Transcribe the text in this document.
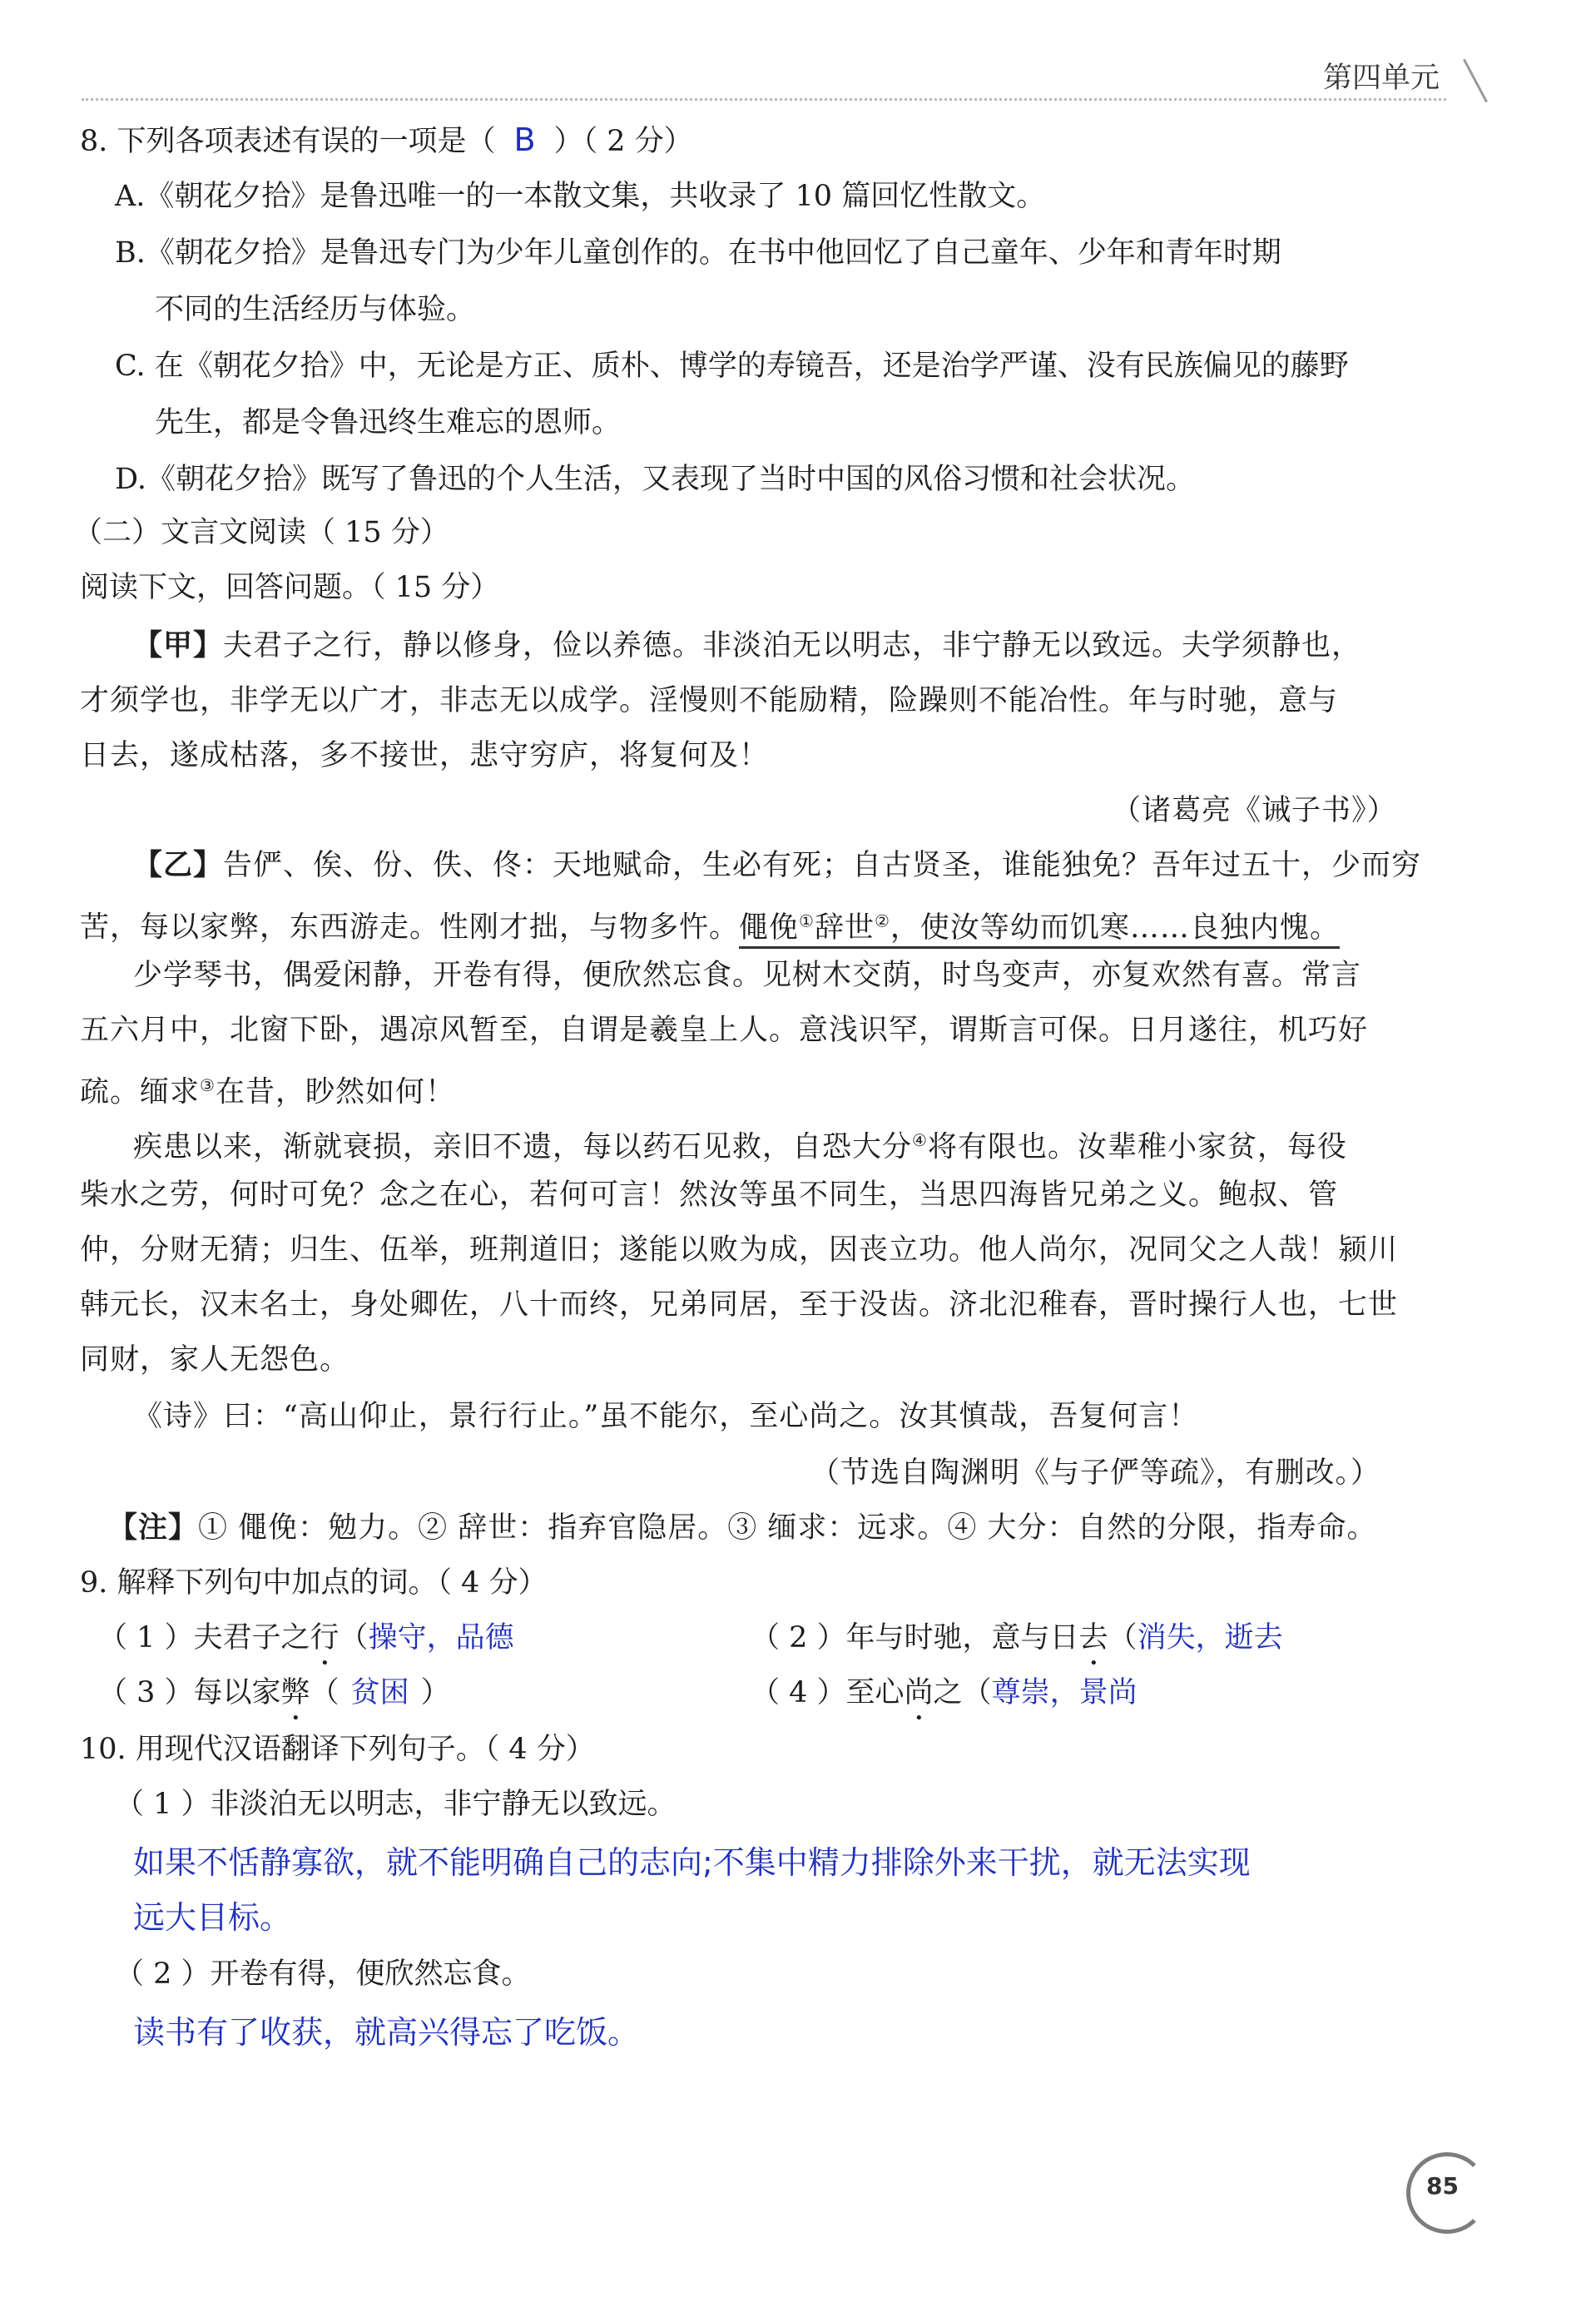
第四单元
8. 下列各项表述有误的一项是（ B ）（ 2 分）
A.《朝花夕拾》是鲁迅唯一的一本散文集，共收录了 10 篇回忆性散文。
B.《朝花夕拾》是鲁迅专门为少年儿童创作的。在书中他回忆了自己童年、少年和青年时期
不同的生活经历与体验。
C. 在《朝花夕拾》中，无论是方正、质朴、博学的寿镜吾，还是治学严谨、没有民族偏见的藤野
先生，都是令鲁迅终生难忘的恩师。
D.《朝花夕拾》既写了鲁迅的个人生活，又表现了当时中国的风俗习惯和社会状况。
（二）文言文阅读（ 15 分）
阅读下文，回答问题。（ 15 分）
【甲】夫君子之行，静以修身，俭以养德。非淡泊无以明志，非宁静无以致远。夫学须静也，
才须学也，非学无以广才，非志无以成学。淫慢则不能励精，险躁则不能冶性。年与时驰，意与
日去，遂成枯落，多不接世，悲守穷庐，将复何及！
（诸葛亮《诫子书》）
【乙】告俨、俟、份、佚、佟：天地赋命，生必有死；自古贤圣，谁能独免？吾年过五十，少而穷
苦，每以家弊，东西游走。性刚才拙，与物多忤。僶俛①辞世②，使汝等幼而饥寒……良独内愧。
少学琴书，偶爱闲静，开卷有得，便欣然忘食。见树木交荫，时鸟变声，亦复欢然有喜。常言
五六月中，北窗下卧，遇凉风暂至，自谓是羲皇上人。意浅识罕，谓斯言可保。日月遂往，机巧好
疏。缅求③在昔，眇然如何！
疾患以来，渐就衰损，亲旧不遗，每以药石见救，自恐大分④将有限也。汝辈稚小家贫，每役
柴水之劳，何时可免？念之在心，若何可言！然汝等虽不同生，当思四海皆兄弟之义。鲍叔、管
仲，分财无猜；归生、伍举，班荆道旧；遂能以败为成，因丧立功。他人尚尔，况同父之人哉！颍川
韩元长，汉末名士，身处卿佐，八十而终，兄弟同居，至于没齿。济北氾稚春，晋时操行人也，七世
同财，家人无怨色。
《诗》曰：“高山仰止，景行行止。”虽不能尔，至心尚之。汝其慎哉，吾复何言！
（节选自陶渊明《与子俨等疏》，有删改。）
【注】① 僶俛：勉力。② 辞世：指弃官隐居。③ 缅求：远求。④ 大分：自然的分限，指寿命。
9. 解释下列句中加点的词。（ 4 分）
（ 1 ）夫君子之行（操守，品德	（ 2 ）年与时驰，意与日去（消失，逝去
（ 3 ）每以家弊（ 贫困 ）	（ 4 ）至心尚之（尊崇，景尚
10. 用现代汉语翻译下列句子。（ 4 分）
（ 1 ）非淡泊无以明志，非宁静无以致远。
如果不恬静寡欲，就不能明确自己的志向;不集中精力排除外来干扰，就无法实现
远大目标。
（ 2 ）开卷有得，便欣然忘食。
读书有了收获，就高兴得忘了吃饭。
85
